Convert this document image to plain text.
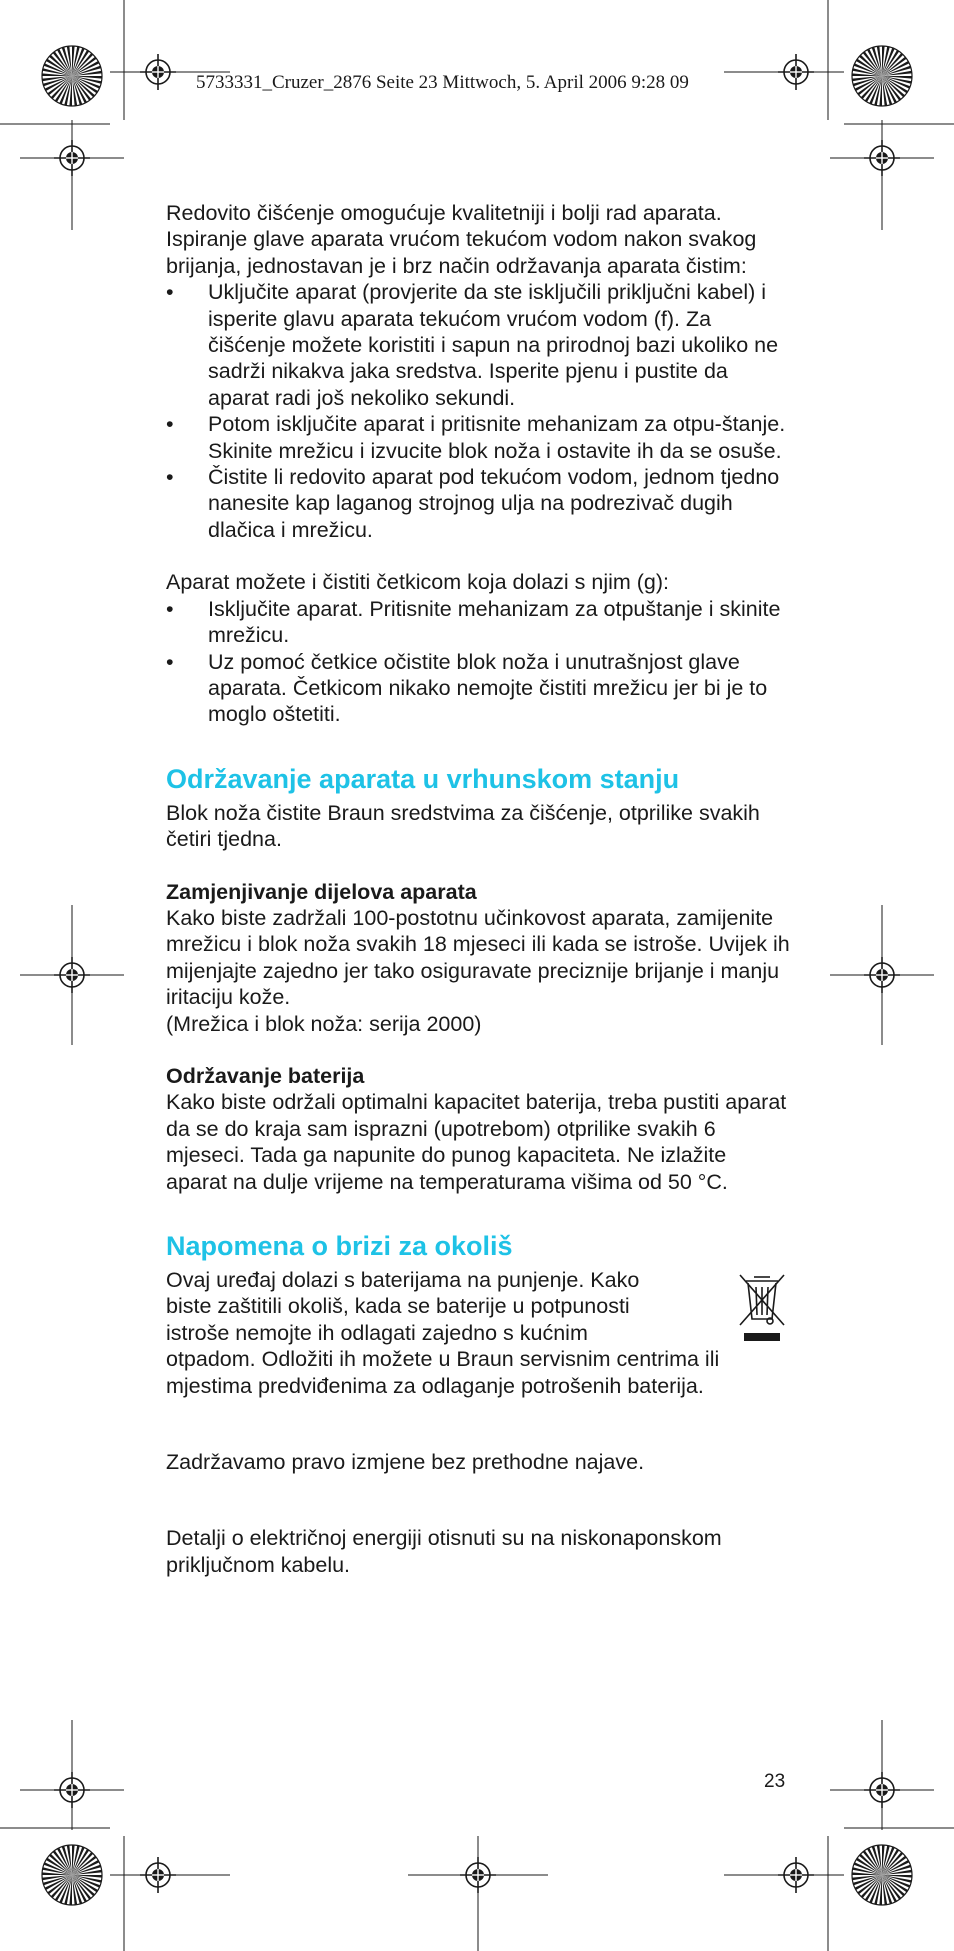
5733331_Cruzer_2876 Seite 23 Mittwoch, 5. April 2006 9:28 09

Redovito čišćenje omogućuje kvalitetniji i bolji rad aparata. Ispiranje glave aparata vrućom tekućom vodom nakon svakog brijanja, jednostavan je i brz način održavanja aparata čistim:

• Uključite aparat (provjerite da ste isključili priključni kabel) i isperite glavu aparata tekućom vrućom vodom (f). Za čišćenje možete koristiti i sapun na prirodnoj bazi ukoliko ne sadrži nikakva jaka sredstva. Isperite pjenu i pustite da aparat radi još nekoliko sekundi.
• Potom isključite aparat i pritisnite mehanizam za otpu-štanje. Skinite mrežicu i izvucite blok noža i ostavite ih da se osuše.
• Čistite li redovito aparat pod tekućom vodom, jednom tjedno nanesite kap laganog strojnog ulja na podrezivač dugih dlačica i mrežicu.

Aparat možete i čistiti četkicom koja dolazi s njim (g):

• Isključite aparat. Pritisnite mehanizam za otpuštanje i skinite mrežicu.
• Uz pomoć četkice očistite blok noža i unutrašnjost glave aparata. Četkicom nikako nemojte čistiti mrežicu jer bi je to moglo oštetiti.
Održavanje aparata u vrhunskom stanju

Blok noža čistite Braun sredstvima za čišćenje, otprilike svakih četiri tjedna.

Zamjenjivanje dijelova aparata

Kako biste zadržali 100-postotnu učinkovost aparata, zamijenite mrežicu i blok noža svakih 18 mjeseci ili kada se istroše. Uvijek ih mijenjajte zajedno jer tako osiguravate preciznije brijanje i manju iritaciju kože.

(Mrežica i blok noža: serija 2000)

Održavanje baterija

Kako biste održali optimalni kapacitet baterija, treba pustiti aparat da se do kraja sam isprazni (upotrebom) otprilike svakih 6 mjeseci. Tada ga napunite do punog kapaciteta. Ne izlažite aparat na dulje vrijeme na temperaturama višima od 50 °C.

Napomena o brizi za okoliš

Ovaj uređaj dolazi s baterijama na punjenje. Kako

biste zaštitili okoliš, kada se baterije u potpunosti

istroše nemojte ih odlagati zajedno s kućnim

otpadom. Odložiti ih možete u Braun servisnim centrima ili mjestima predviđenima za odlaganje potrošenih baterija.

Zadržavamo pravo izmjene bez prethodne najave.

Detalji o električnoj energiji otisnuti su na niskonaponskom priključnom kabelu.

23
